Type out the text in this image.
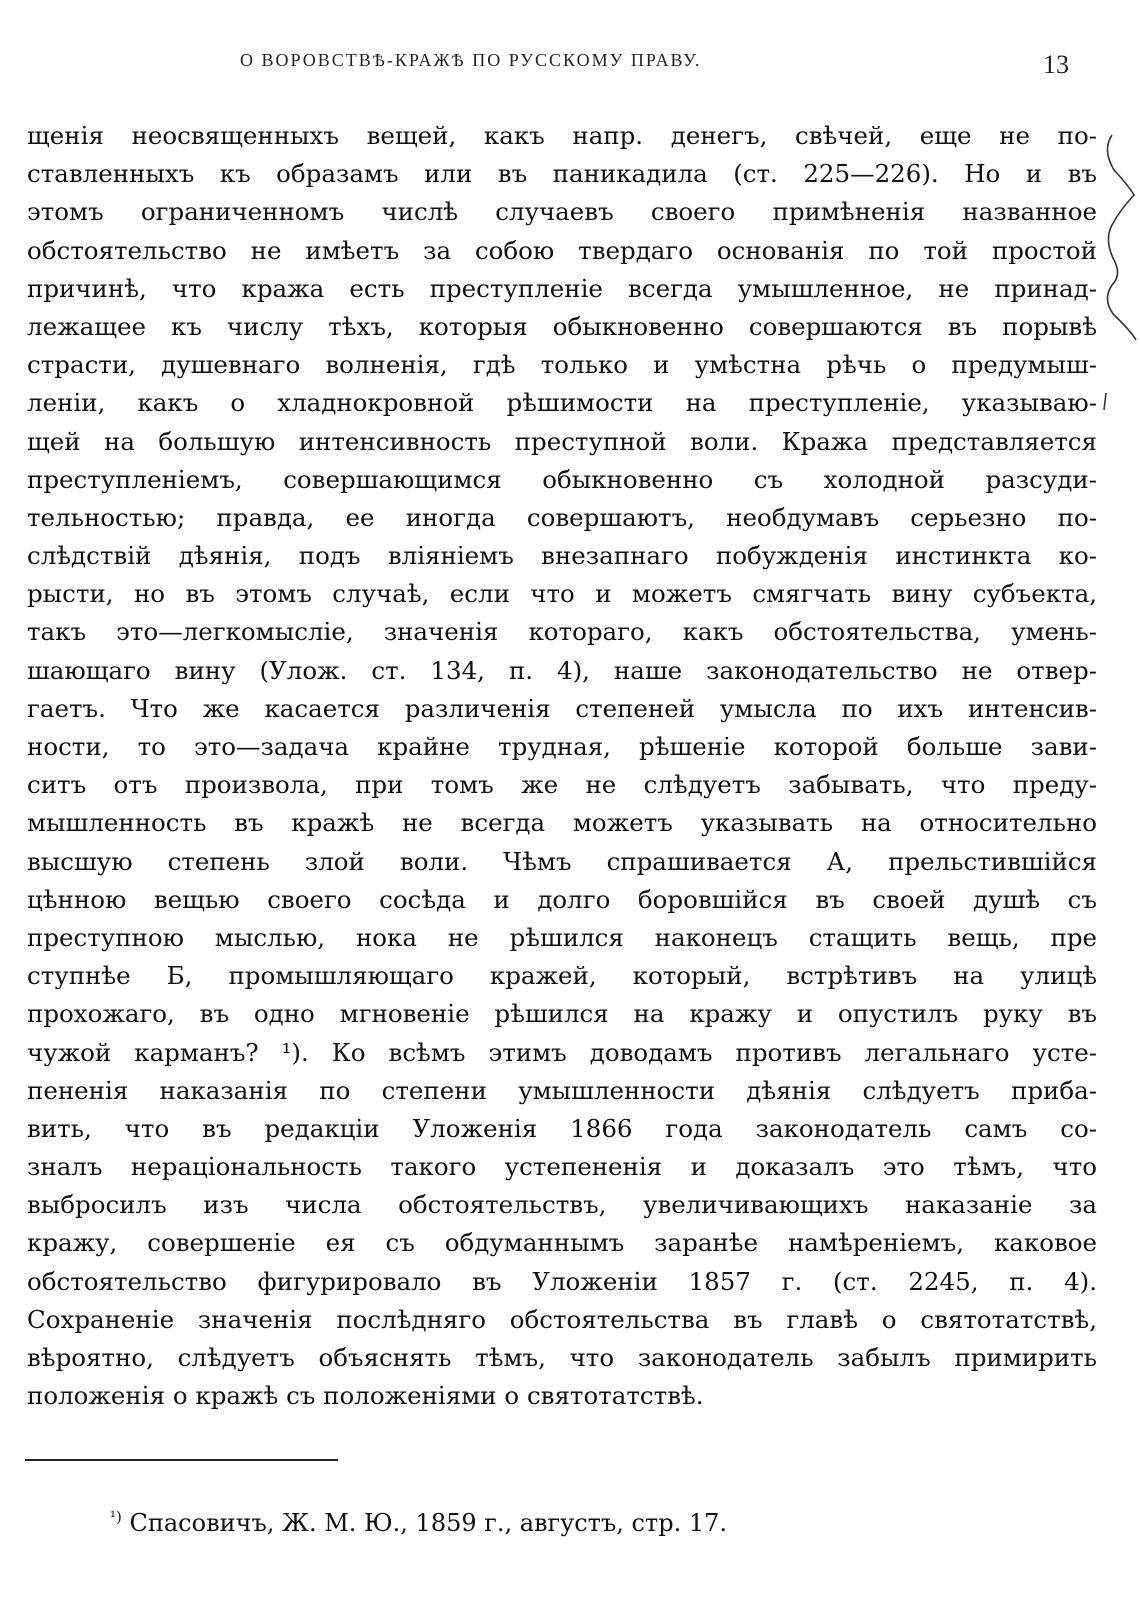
О ВОРОВСТВѢ-КРАЖѢ ПО РУССКОМУ ПРАВУ.	13
щенія неосвященныхъ вещей, какъ напр. денегъ, свѣчей, еще не по-
ставленныхъ къ образамъ или въ паникадила (ст. 225—226). Но и въ
этомъ ограниченномъ числѣ случаевъ своего примѣненія названное
обстоятельство не имѣетъ за собою твердаго основанія по той простой
причинѣ, что кража есть преступленіе всегда умышленное, не принад-
лежащее къ числу тѣхъ, которыя обыкновенно совершаются въ порывѣ
страсти, душевнаго волненія, гдѣ только и умѣстна рѣчь о предумыш-
леніи, какъ о хладнокровной рѣшимости на преступленіе, указываю-
щей на большую интенсивность преступной воли. Кража представляется
преступленіемъ, совершающимся обыкновенно съ холодной разсуди-
тельностью; правда, ее иногда совершаютъ, необдумавъ серьезно по-
слѣдствій дѣянія, подъ вліяніемъ внезапнаго побужденія инстинкта ко-
рысти, но въ этомъ случаѣ, если что и можетъ смягчать вину субъекта,
такъ это—легкомысліе, значенія котораго, какъ обстоятельства, умень-
шающаго вину (Улож. ст. 134, п. 4), наше законодательство не отвер-
гаетъ. Что же касается различенія степеней умысла по ихъ интенсив-
ности, то это—задача крайне трудная, рѣшеніе которой больше зави-
ситъ отъ произвола, при томъ же не слѣдуетъ забывать, что преду-
мышленность въ кражѣ не всегда можетъ указывать на относительно
высшую степень злой воли. Чѣмъ спрашивается А, прельстившійся
цѣнною вещью своего сосѣда и долго боровшійся въ своей душѣ съ
преступною мыслью, нока не рѣшился наконецъ стащить вещь, пре
ступнѣе Б, промышляющаго кражей, который, встрѣтивъ на улицѣ
прохожаго, въ одно мгновеніе рѣшился на кражу и опустилъ руку въ
чужой карманъ? ¹). Ко всѣмъ этимъ доводамъ противъ легальнаго усте-
пененія наказанія по степени умышленности дѣянія слѣдуетъ приба-
вить, что въ редакціи Уложенія 1866 года законодатель самъ со-
зналъ нераціональность такого устепененія и доказалъ это тѣмъ, что
выбросилъ изъ числа обстоятельствъ, увеличивающихъ наказаніе за
кражу, совершеніе ея съ обдуманнымъ заранѣе намѣреніемъ, каковое
обстоятельство фигурировало въ Уложеніи 1857 г. (ст. 2245, п. 4).
Сохраненіе значенія послѣдняго обстоятельства въ главѣ о святотатствѣ,
вѣроятно, слѣдуетъ объяснять тѣмъ, что законодатель забылъ примирить
положенія о кражѣ съ положеніями о святотатствѣ.
$^{^1)}$ Спасовичъ, Ж. М. Ю., 1859 г., августъ, стр. 17.
